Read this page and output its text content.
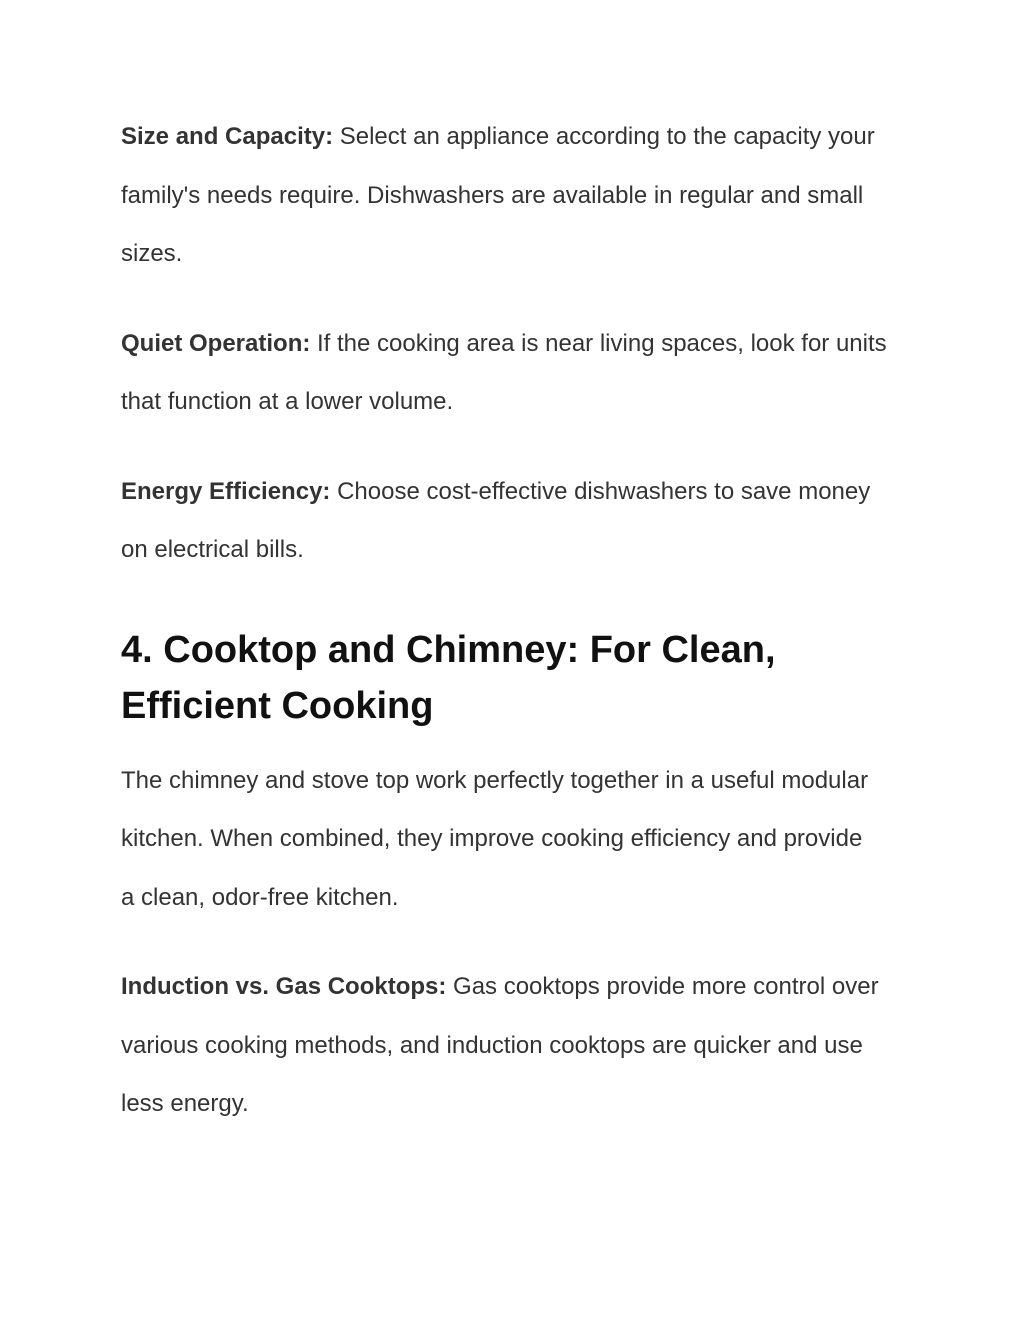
Size and Capacity: Select an appliance according to the capacity your family's needs require. Dishwashers are available in regular and small sizes.

Quiet Operation: If the cooking area is near living spaces, look for units that function at a lower volume.

Energy Efficiency: Choose cost-effective dishwashers to save money on electrical bills.

4. Cooktop and Chimney: For Clean, Efficient Cooking

The chimney and stove top work perfectly together in a useful modular kitchen. When combined, they improve cooking efficiency and provide a clean, odor-free kitchen.

Induction vs. Gas Cooktops: Gas cooktops provide more control over various cooking methods, and induction cooktops are quicker and use less energy.
